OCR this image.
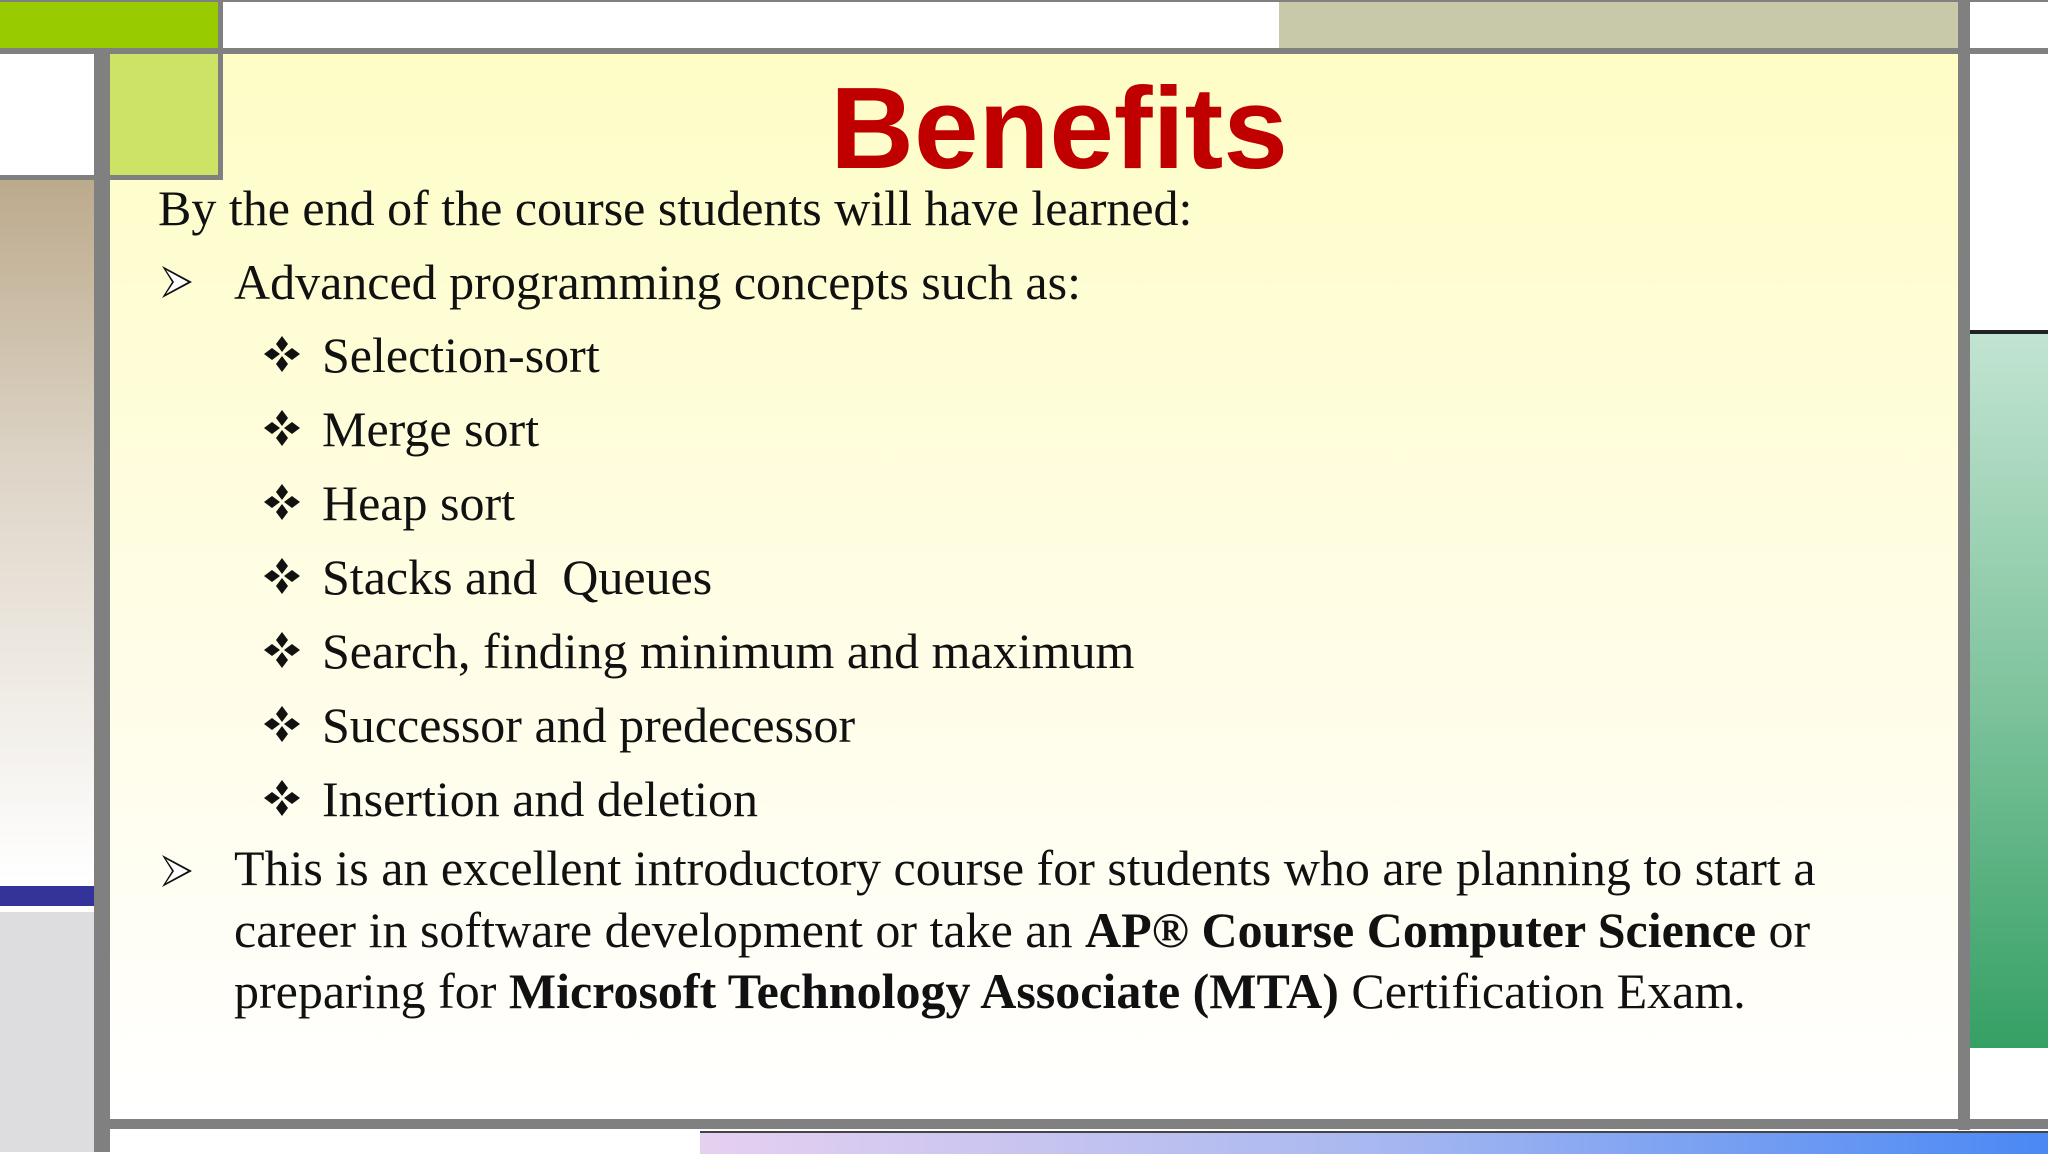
Benefits
By the end of the course students will have learned:
Advanced programming concepts such as:
Selection-sort
Merge sort
Heap sort
Stacks and  Queues
Search, finding minimum and maximum
Successor and predecessor
Insertion and deletion
This is an excellent introductory course for students who are planning to start a career in software development or take an AP® Course Computer Science or preparing for Microsoft Technology Associate (MTA) Certification Exam.
